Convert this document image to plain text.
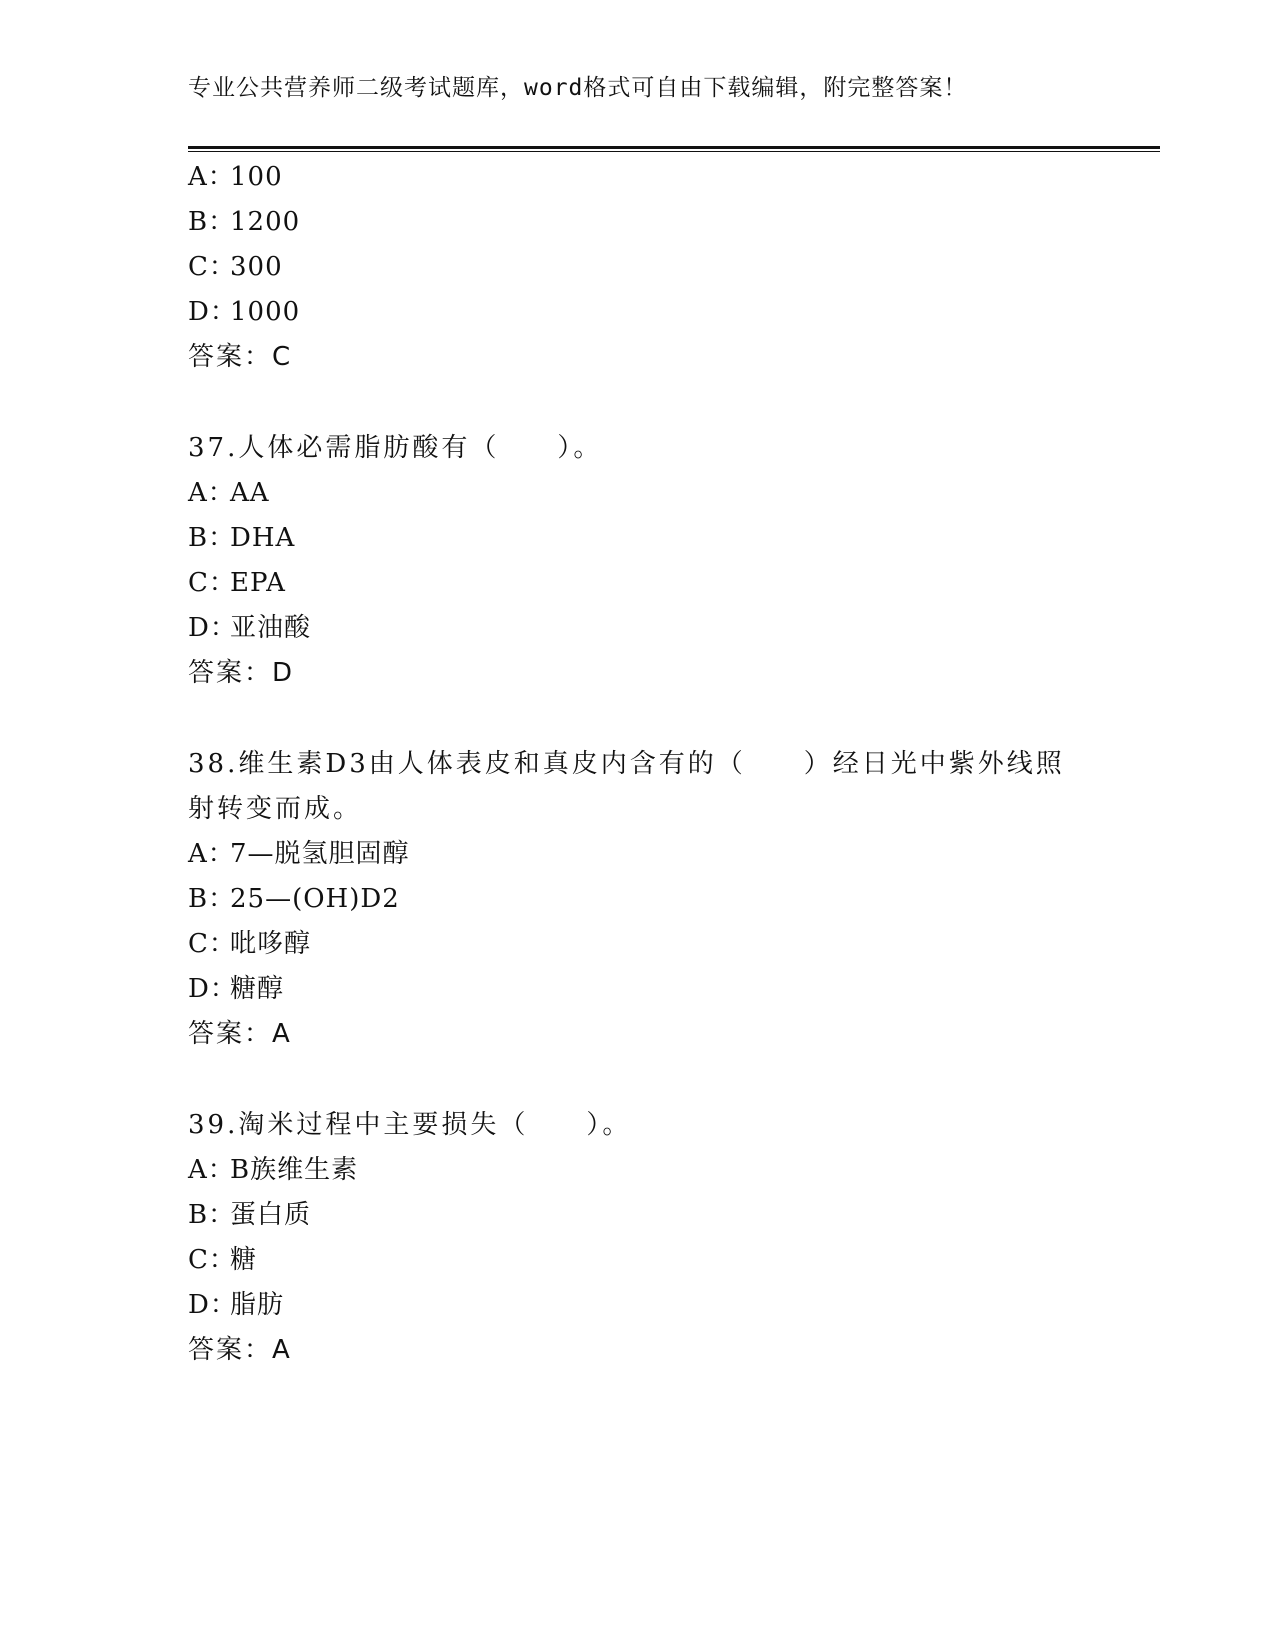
专业公共营养师二级考试题库，word格式可自由下载编辑，附完整答案！
A：100
B：1200
C：300
D：1000
答案：C
37.人体必需脂肪酸有（　　）。
A：AA
B：DHA
C：EPA
D：亚油酸
答案：D
38.维生素D3由人体表皮和真皮内含有的（　　）经日光中紫外线照
射转变而成。
A：7—脱氢胆固醇
B：25—(OH)D2
C：吡哆醇
D：糖醇
答案：A
39.淘米过程中主要损失（　　）。
A：B族维生素
B：蛋白质
C：糖
D：脂肪
答案：A
